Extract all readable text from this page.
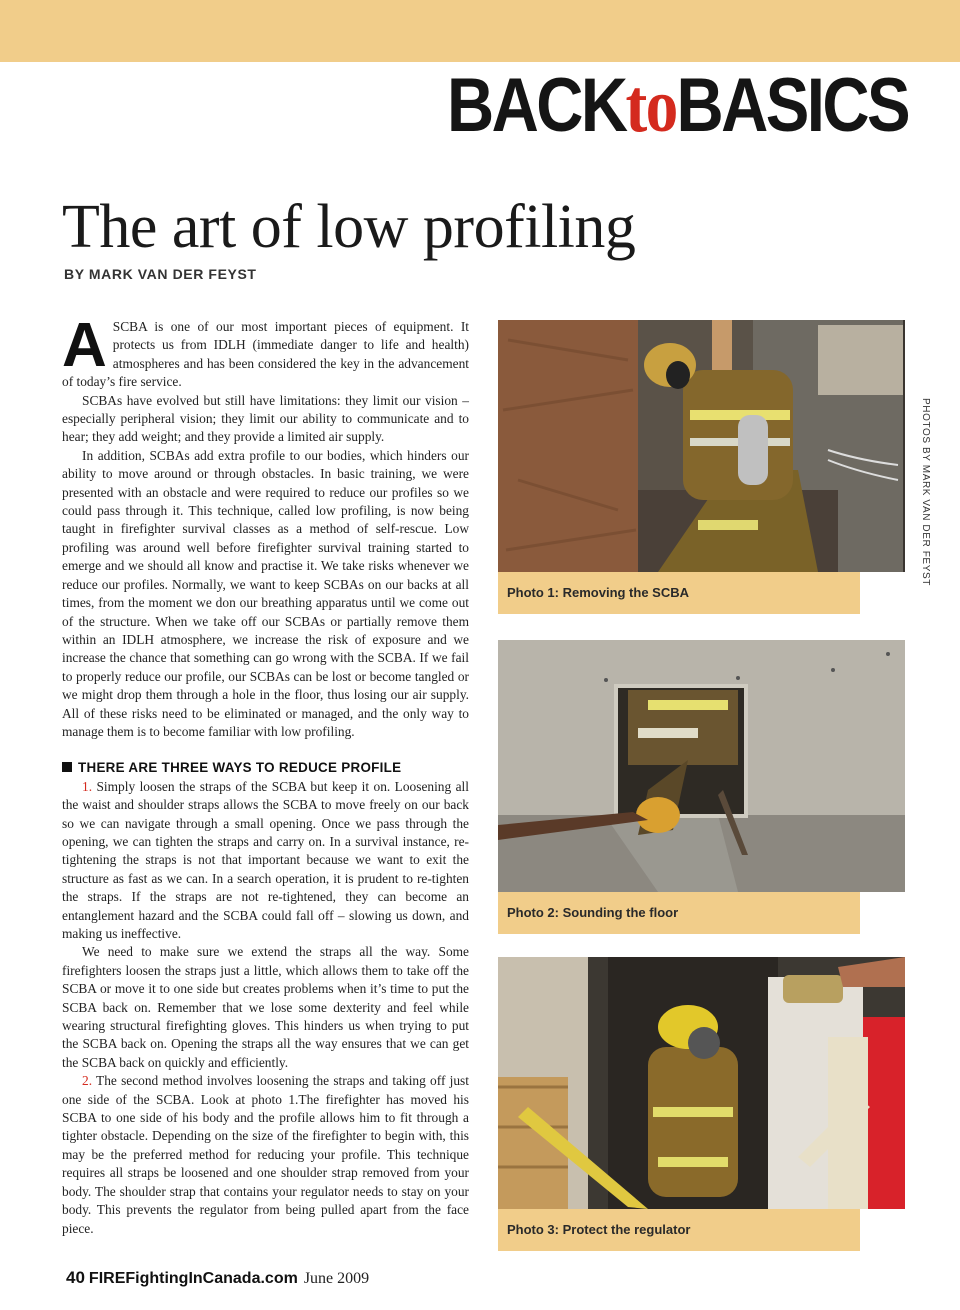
BACKtoBASICS
The art of low profiling
BY MARK VAN DER FEYST

ASCBA is one of our most important pieces of equipment. It protects us from IDLH (immediate danger to life and health) atmospheres and has been considered the key in the advancement of today’s fire service.

SCBAs have evolved but still have limitations: they limit our vision – especially peripheral vision; they limit our ability to communicate and to hear; they add weight; and they provide a limited air supply.

In addition, SCBAs add extra profile to our bodies, which hinders our ability to move around or through obstacles. In basic training, we were presented with an obstacle and were required to reduce our profiles so we could pass through it. This technique, called low profiling, is now being taught in firefighter survival classes as a method of self-rescue. Low profiling was around well before firefighter survival training started to emerge and we should all know and practise it. We take risks whenever we reduce our profiles. Normally, we want to keep SCBAs on our backs at all times, from the moment we don our breathing apparatus until we come out of the structure. When we take off our SCBAs or partially remove them within an IDLH atmosphere, we increase the risk of exposure and we increase the chance that something can go wrong with the SCBA. If we fail to properly reduce our profile, our SCBAs can be lost or become tangled or we might drop them through a hole in the floor, thus losing our air supply. All of these risks need to be eliminated or managed, and the only way to manage them is to become familiar with low profiling.

THERE ARE THREE WAYS TO REDUCE PROFILE

1. Simply loosen the straps of the SCBA but keep it on. Loosening all the waist and shoulder straps allows the SCBA to move freely on our back so we can navigate through a small opening. Once we pass through the opening, we can tighten the straps and carry on. In a survival instance, re-tightening the straps is not that important because we want to exit the structure as fast as we can. In a search operation, it is prudent to re-tighten the straps. If the straps are not re-tightened, they can become an entanglement hazard and the SCBA could fall off – slowing us down, and making us ineffective.

We need to make sure we extend the straps all the way. Some firefighters loosen the straps just a little, which allows them to take off the SCBA or move it to one side but creates problems when it’s time to put the SCBA back on. Remember that we lose some dexterity and feel while wearing structural firefighting gloves. This hinders us when trying to put the SCBA back on. Opening the straps all the way ensures that we can get the SCBA back on quickly and efficiently.

2. The second method involves loosening the straps and taking off just one side of the SCBA. Look at photo 1.The firefighter has moved his SCBA to one side of his body and the profile allows him to fit through a tighter obstacle. Depending on the size of the firefighter to begin with, this may be the preferred method for reducing your profile. This technique requires all straps be loosened and one shoulder strap removed from your body. The shoulder strap that contains your regulator needs to stay on your body. This prevents the regulator from being pulled apart from the face piece.

Photo 1: Removing the SCBA
Photo 2: Sounding the floor
Photo 3: Protect the regulator
PHOTOS BY MARK VAN DER FEYST
40 FIREFightingInCanada.com June 2009
